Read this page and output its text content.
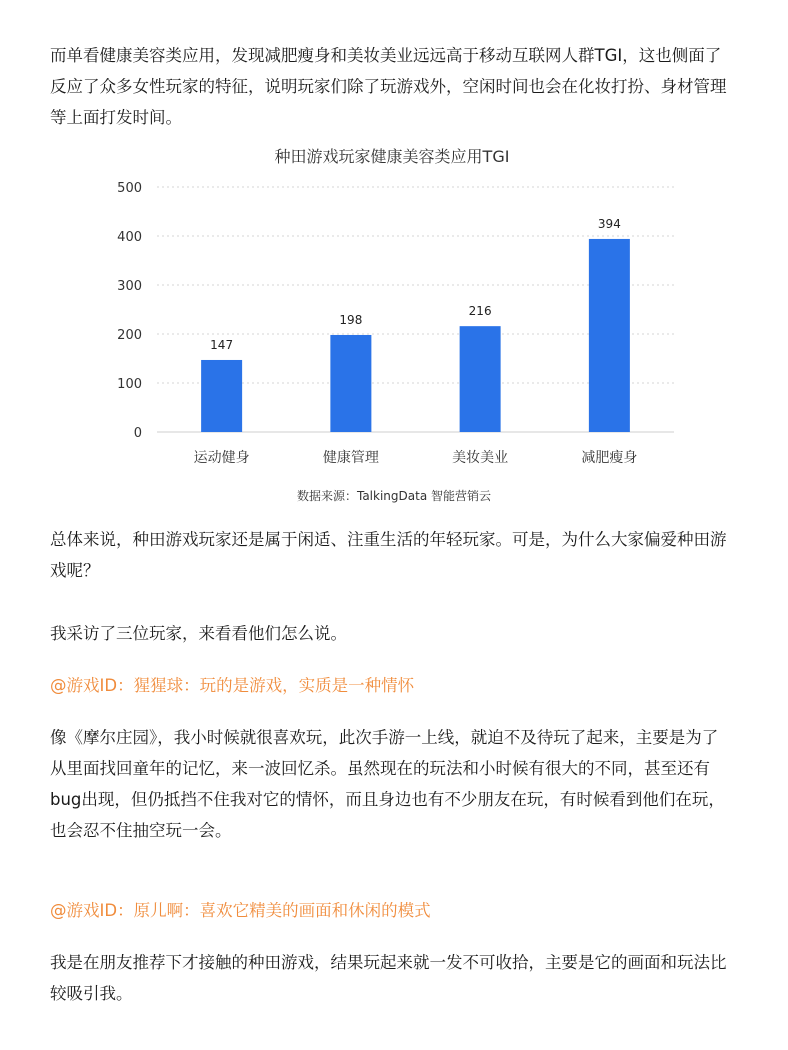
而单看健康美容类应用，发现减肥瘦身和美妆美业远远高于移动互联网人群TGI，这也侧面了
反应了众多女性玩家的特征，说明玩家们除了玩游戏外，空闲时间也会在化妆打扮、身材管理
等上面打发时间。
种田游戏玩家健康美容类应用TGI
0
100
200
300
400
500
147
198
216
394
运动健身	健康管理	美妆美业	减肥瘦身
数据来源：TalkingData 智能营销云
总体来说，种田游戏玩家还是属于闲适、注重生活的年轻玩家。可是，为什么大家偏爱种田游
戏呢？
我采访了三位玩家，来看看他们怎么说。
@游戏ID：猩猩球：玩的是游戏，实质是一种情怀
像《摩尔庄园》，我小时候就很喜欢玩，此次手游一上线，就迫不及待玩了起来，主要是为了
从里面找回童年的记忆，来一波回忆杀。虽然现在的玩法和小时候有很大的不同，甚至还有
bug出现，但仍抵挡不住我对它的情怀，而且身边也有不少朋友在玩，有时候看到他们在玩，
也会忍不住抽空玩一会。
@游戏ID：原儿啊：喜欢它精美的画面和休闲的模式
我是在朋友推荐下才接触的种田游戏，结果玩起来就一发不可收拾，主要是它的画面和玩法比
较吸引我。
